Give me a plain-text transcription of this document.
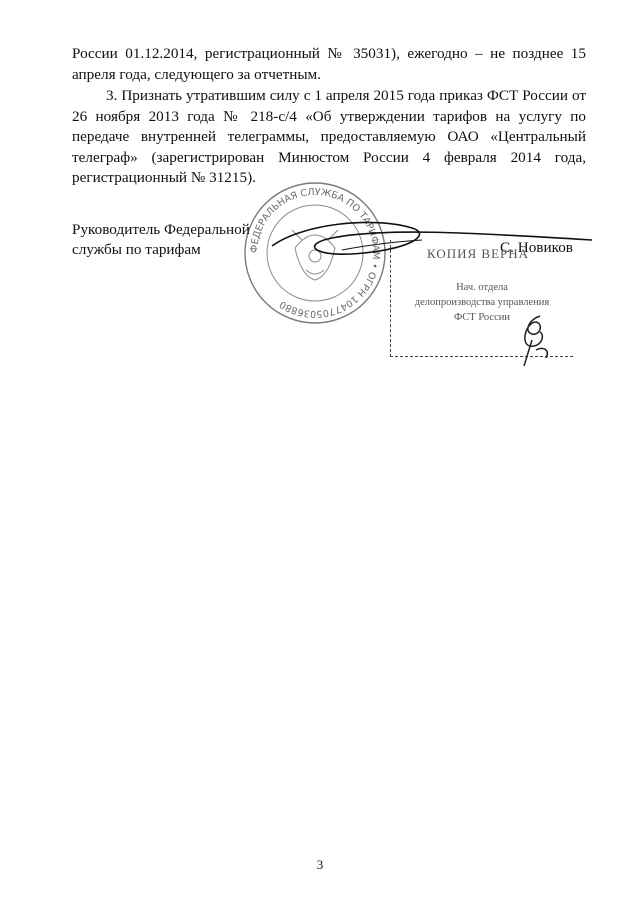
России 01.12.2014, регистрационный № 35031), ежегодно – не позднее 15 апреля года, следующего за отчетным.

3. Признать утратившим силу с 1 апреля 2015 года приказ ФСТ России от 26 ноября 2013 года № 218-с/4 «Об утверждении тарифов на услугу по передаче внутренней телеграммы, предоставляемую ОАО «Центральный телеграф» (зарегистрирован Минюстом России 4 февраля 2014 года, регистрационный № 31215).

ФЕДЕРАЛЬНАЯ СЛУЖБА ПО ТАРИФАМ • ОГРН 1047705036880
Руководитель Федеральной
службы по тарифам	С. Новиков
КОПИЯ ВЕРНА
Нач. отдела
делопроизводства управления
ФСТ России
3
